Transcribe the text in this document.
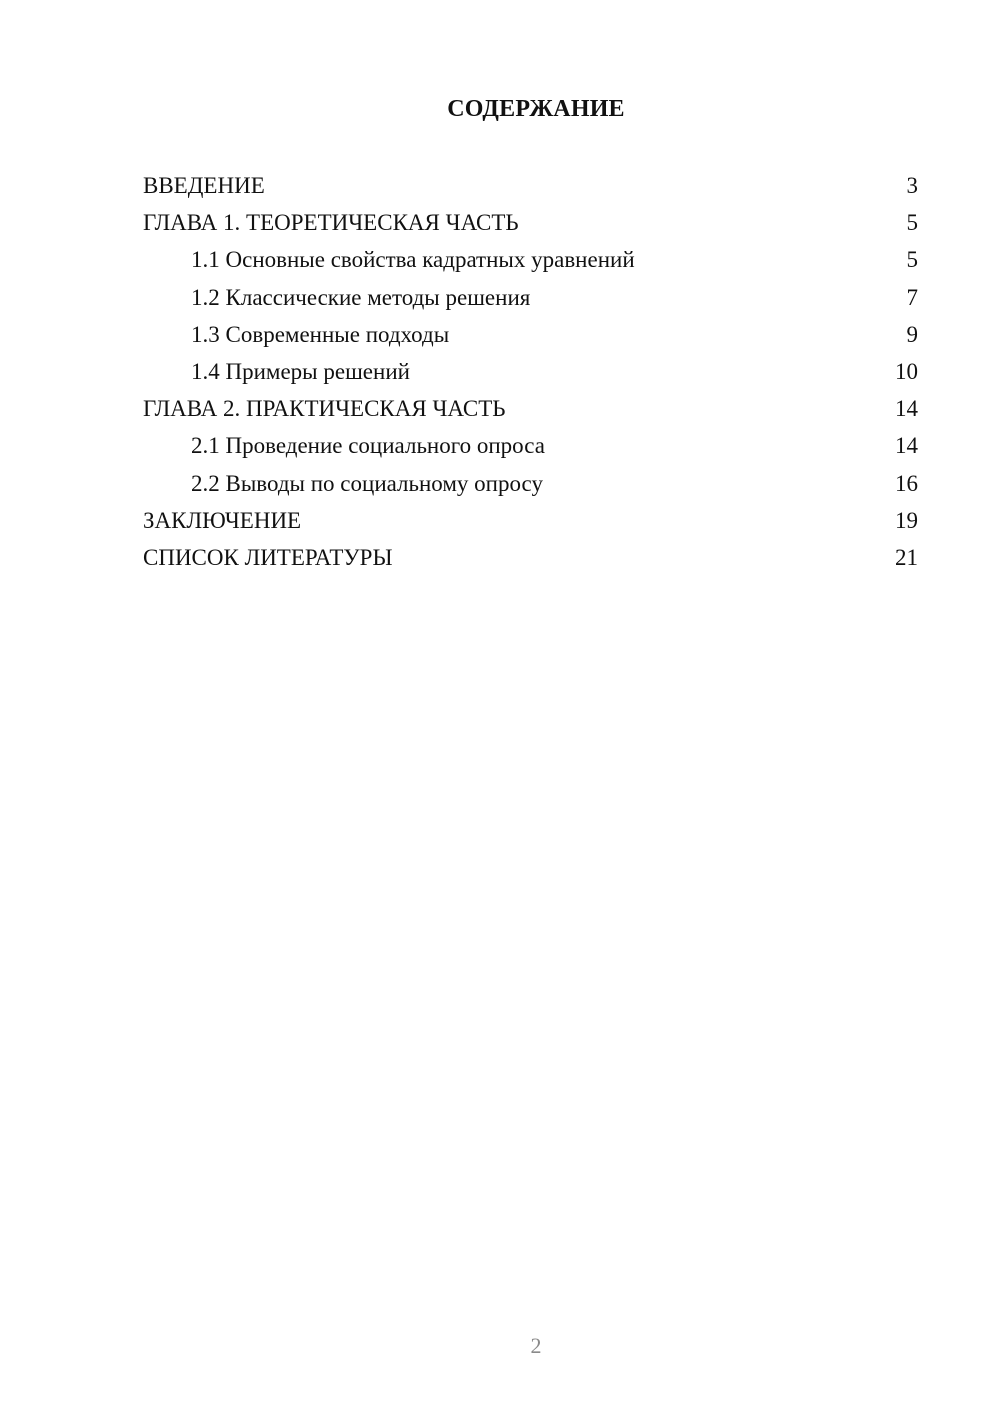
СОДЕРЖАНИЕ
ВВЕДЕНИЕ	3
ГЛАВА 1. ТЕОРЕТИЧЕСКАЯ ЧАСТЬ	5
1.1 Основные свойства кадратных уравнений	5
1.2 Классические методы решения	7
1.3 Современные подходы	9
1.4 Примеры решений	10
ГЛАВА 2. ПРАКТИЧЕСКАЯ ЧАСТЬ	14
2.1 Проведение социального опроса	14
2.2 Выводы по социальному опросу	16
ЗАКЛЮЧЕНИЕ	19
СПИСОК ЛИТЕРАТУРЫ	21
2
